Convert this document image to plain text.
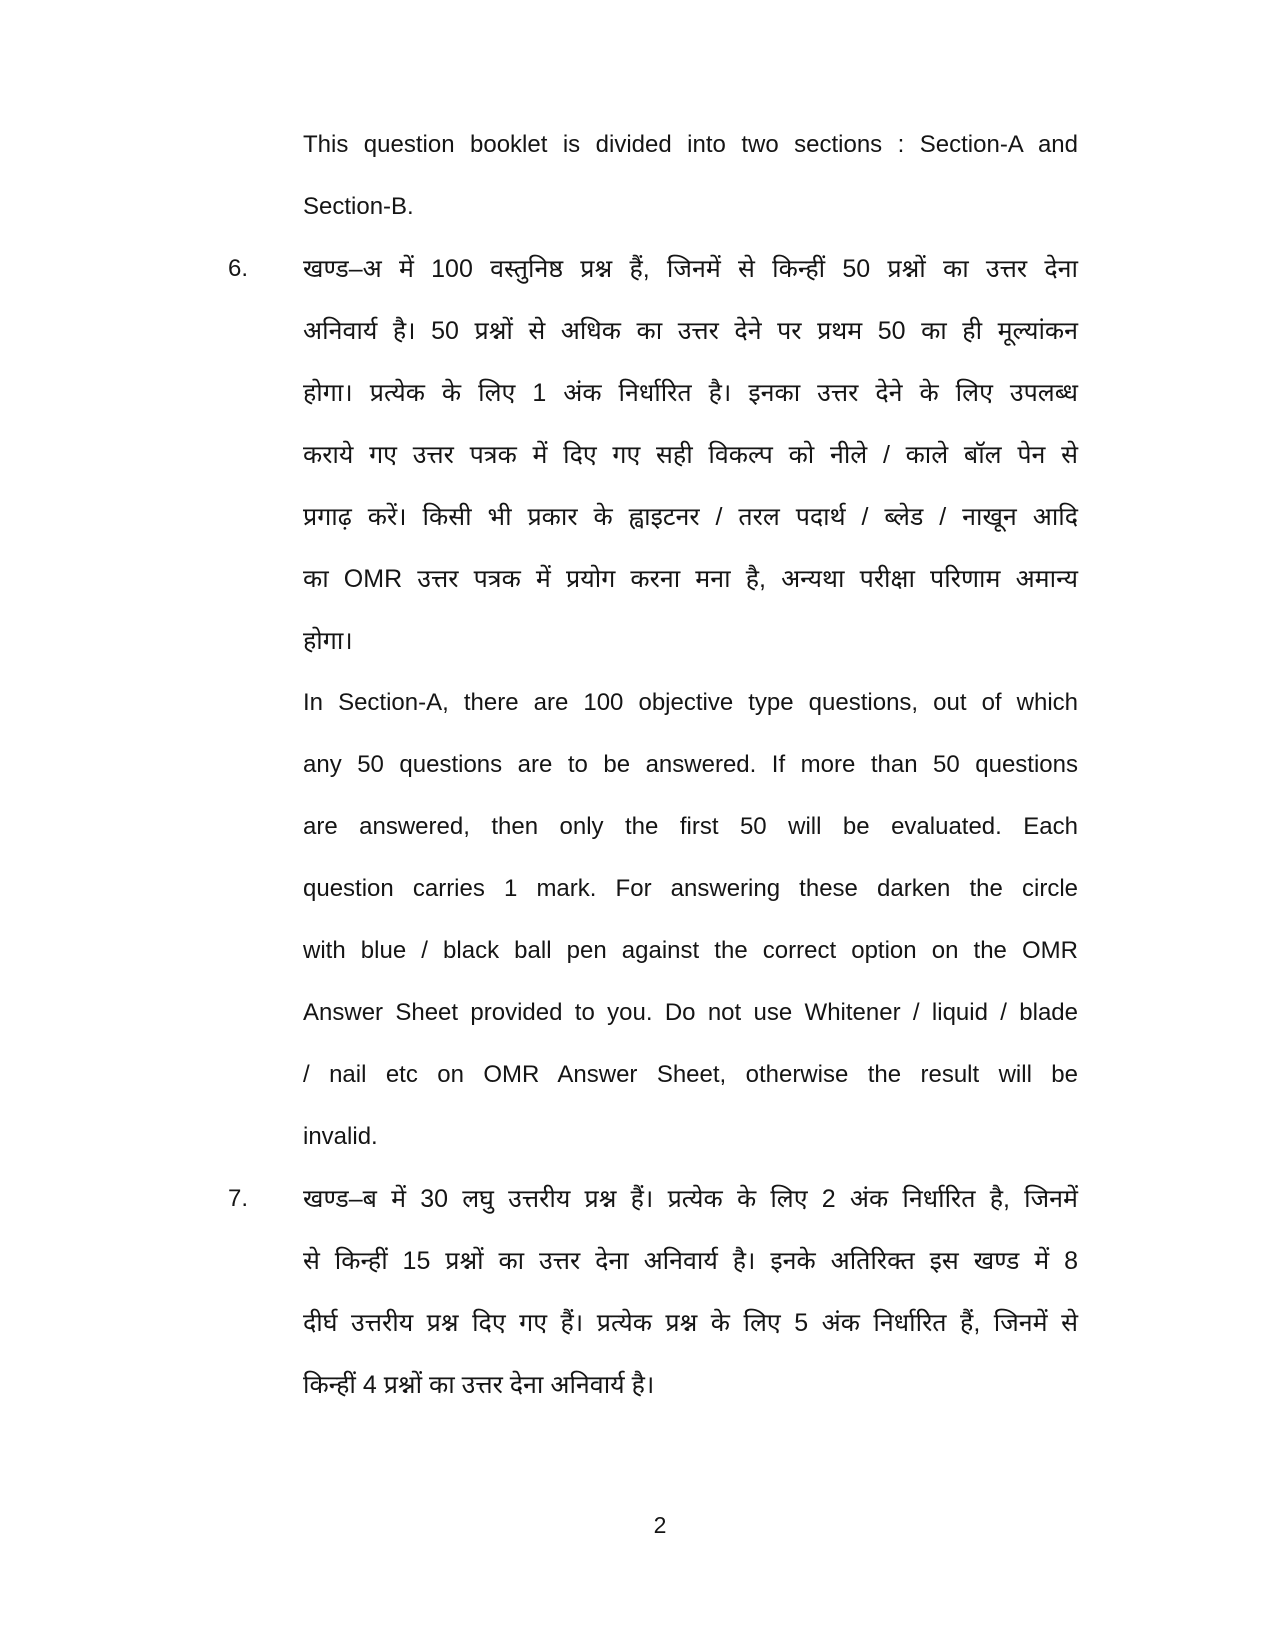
6.
7.
This question booklet is divided into two sections : Section-A and
Section-B.
खण्ड–अ में 100 वस्तुनिष्ठ प्रश्न हैं, जिनमें से किन्हीं 50 प्रश्नों का उत्तर देना
अनिवार्य है। 50 प्रश्नों से अधिक का उत्तर देने पर प्रथम 50 का ही मूल्यांकन
होगा। प्रत्येक के लिए 1 अंक निर्धारित है। इनका उत्तर देने के लिए उपलब्ध
कराये गए उत्तर पत्रक में दिए गए सही विकल्प को नीले / काले बॉल पेन से
प्रगाढ़ करें। किसी भी प्रकार के ह्वाइटनर / तरल पदार्थ / ब्लेड / नाखून आदि
का OMR उत्तर पत्रक में प्रयोग करना मना है, अन्यथा परीक्षा परिणाम अमान्य
होगा।
In Section-A, there are 100 objective type questions, out of which
any 50 questions are to be answered. If more than 50 questions
are answered, then only the first 50 will be evaluated. Each
question carries 1 mark. For answering these darken the circle
with blue / black ball pen against the correct option on the OMR
Answer Sheet provided to you. Do not use Whitener / liquid / blade
/ nail etc on OMR Answer Sheet, otherwise the result will be
invalid.
खण्ड–ब में 30 लघु उत्तरीय प्रश्न हैं। प्रत्येक के लिए 2 अंक निर्धारित है, जिनमें
से किन्हीं 15 प्रश्नों का उत्तर देना अनिवार्य है। इनके अतिरिक्त इस खण्ड में 8
दीर्घ उत्तरीय प्रश्न दिए गए हैं। प्रत्येक प्रश्न के लिए 5 अंक निर्धारित हैं, जिनमें से
किन्हीं 4 प्रश्नों का उत्तर देना अनिवार्य है।
2
